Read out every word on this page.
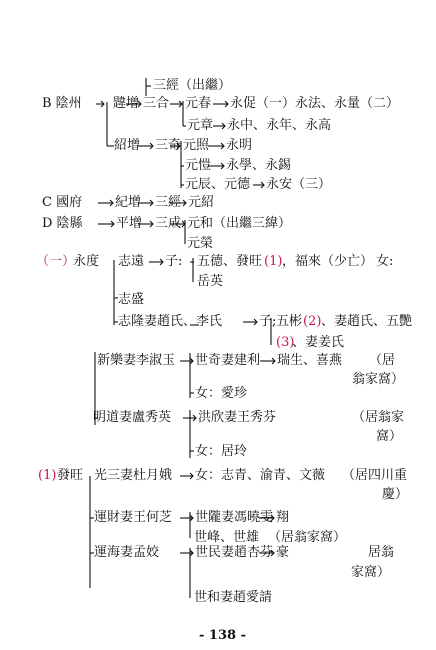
三經（出繼）
B 陰州 韙增 三合 元春 永促（一）永法、永量（二）
元章 永中、永年、永高
紹增 三奇 元照 永明
元愷 永學、永錫
元辰、元德 永安（三）
C 國府	紀增 三經 元紹
D 陰縣	平增 三成 元和（出繼三緯）
元榮
（一）
永度 志遠 子: 五德、發旺 (1) ，福來（少亡） 女:
岳英
志盛
志隆妻趙氏、李氏	子; 五彬 (2) 、妻趙氏、五艷
(3)
、妻姜氏
新樂妻李淑玉 世奇妻建利 瑞生、喜燕 （居
翁家窩）
女：愛珍
明道妻盧秀英 洪欣妻王秀芬	（居翁家
窩）
女：居玲
(1) 發旺 光三妻杜月娥 女：志青、渝青、文薇 （居四川重
慶）
運財妻王何芝 世隴妻馮曉雯 翔
世峰、世雄 （居翁家窩）
運海妻孟姣	世民妻趙杏芬 豪	居翁
家窩）
世和妻趙愛請
- 138 -
